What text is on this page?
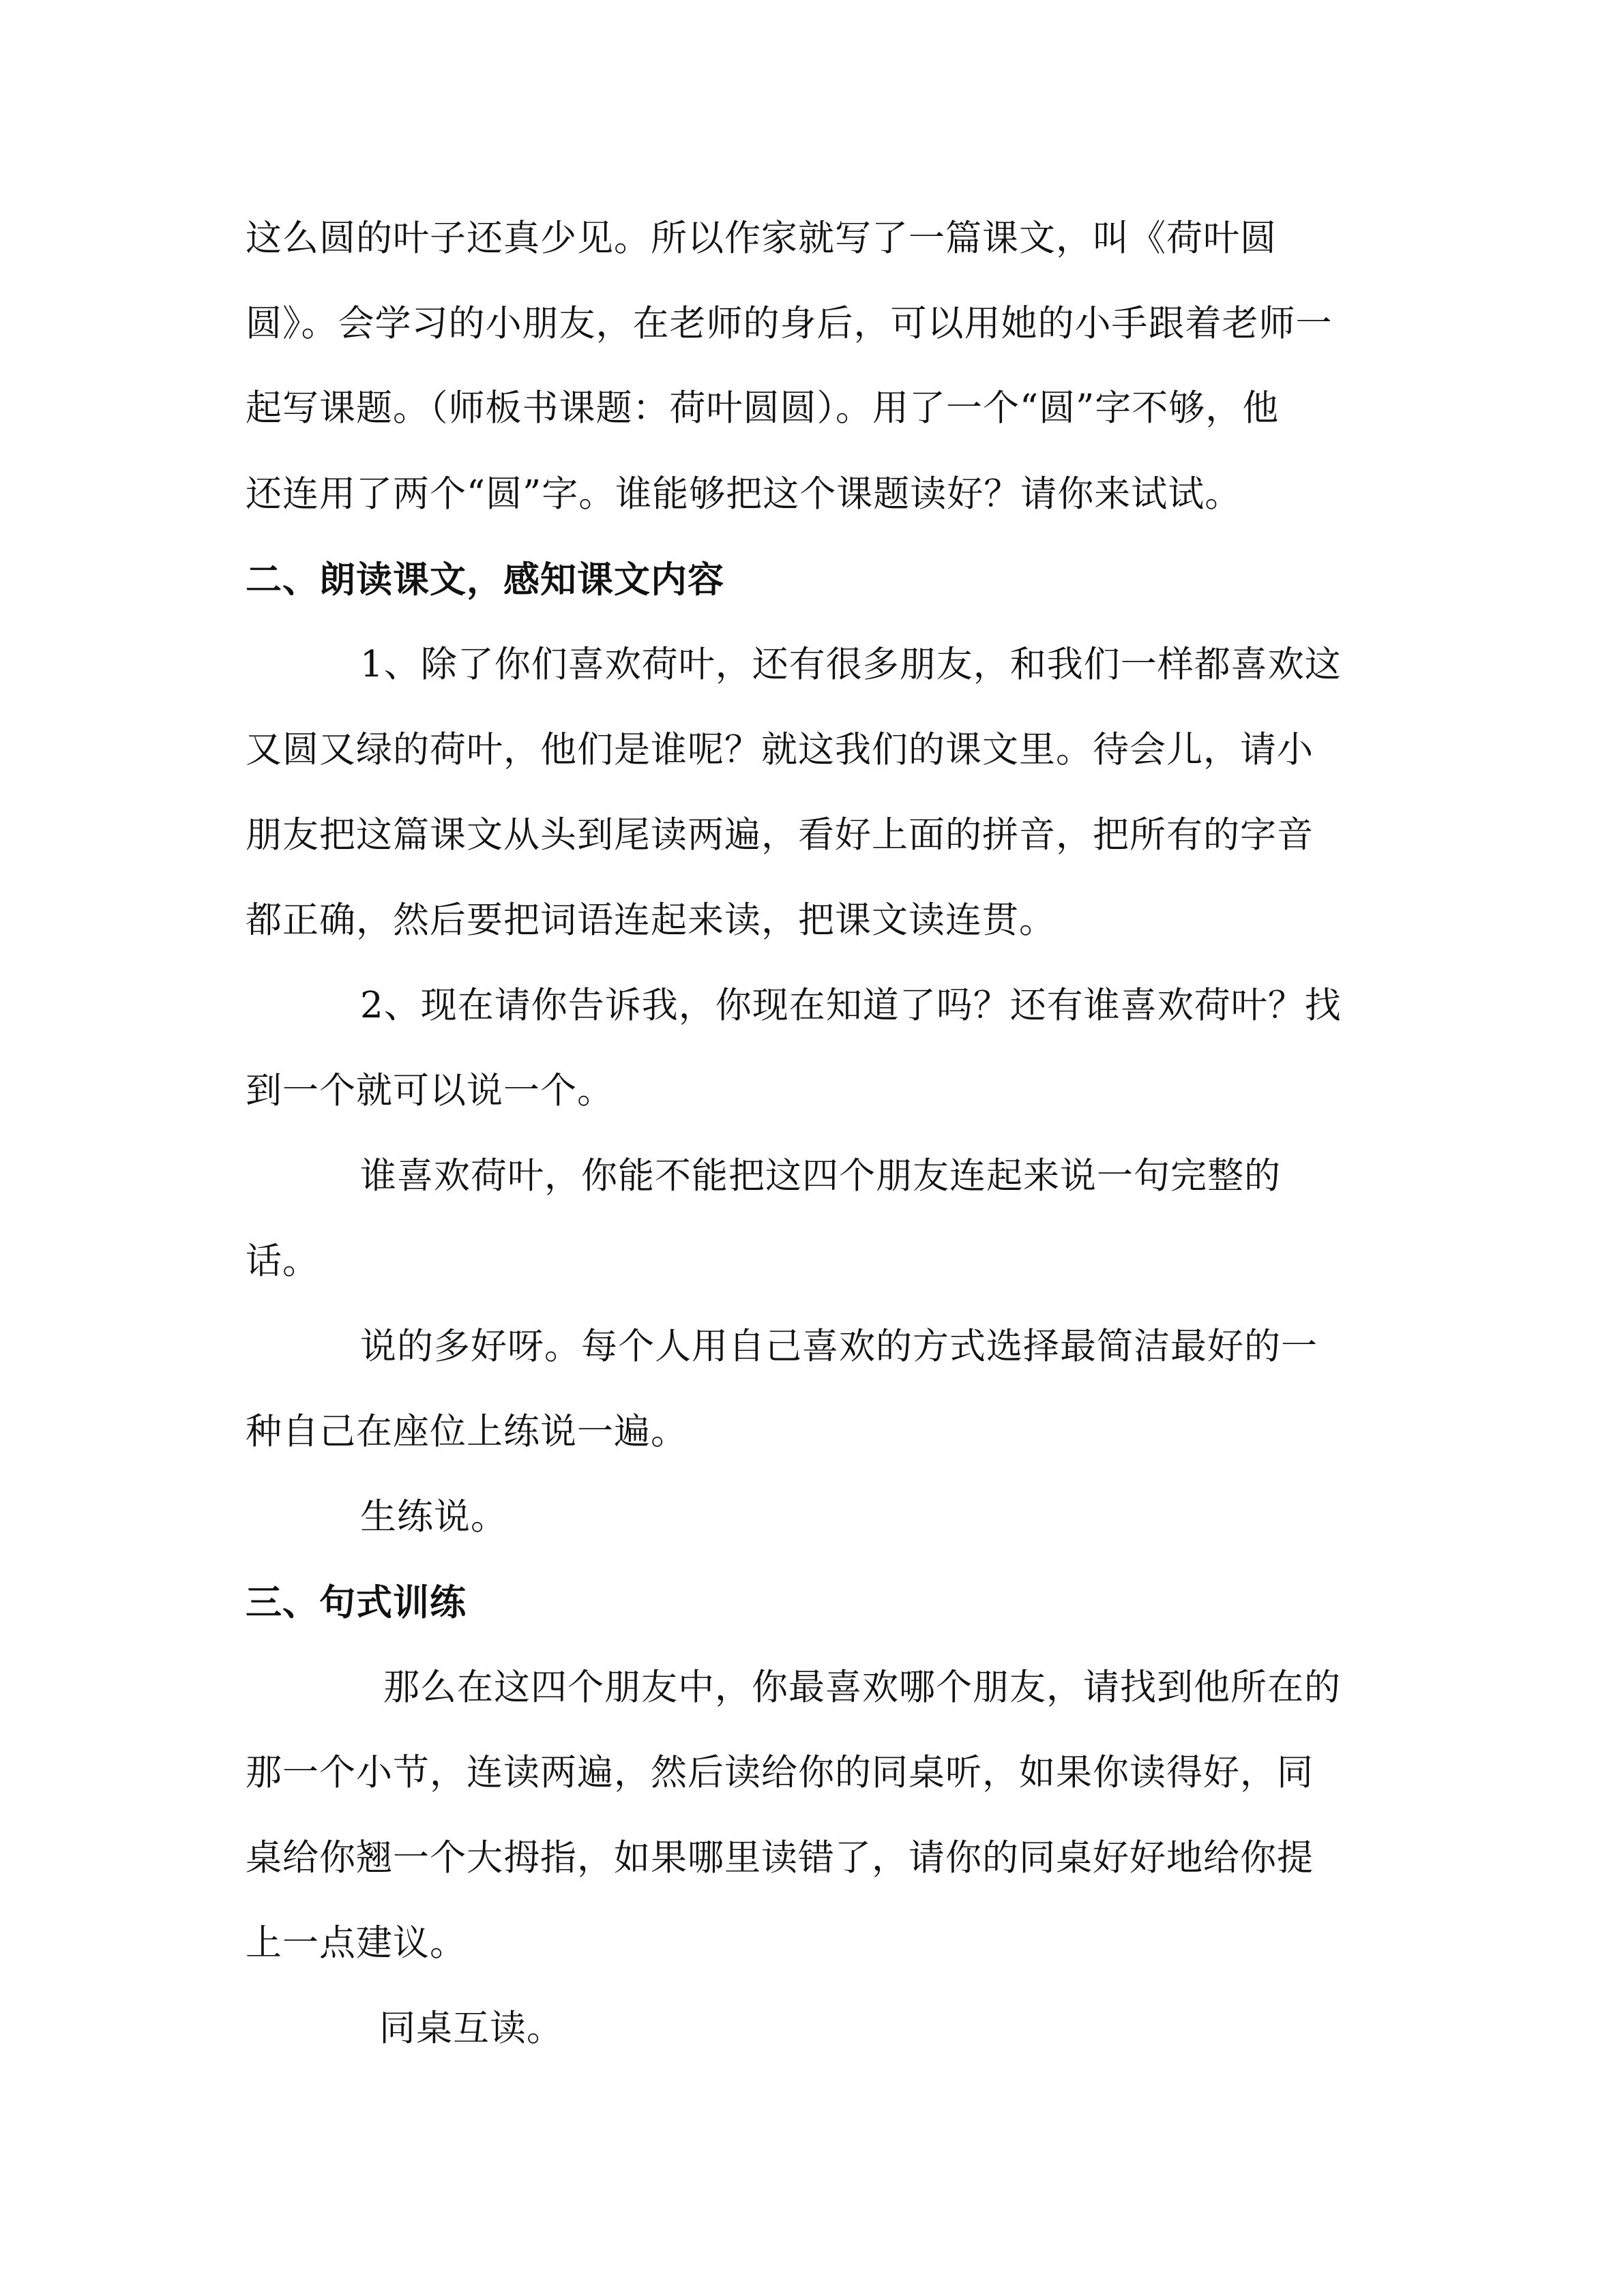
这么圆的叶子还真少见。所以作家就写了一篇课文，叫《荷叶圆
圆》。会学习的小朋友，在老师的身后，可以用她的小手跟着老师一
起写课题。（师板书课题：荷叶圆圆）。用了一个“圆”字不够，他
还连用了两个“圆”字。谁能够把这个课题读好？请你来试试。
二、朗读课文，感知课文内容
1、除了你们喜欢荷叶，还有很多朋友，和我们一样都喜欢这
又圆又绿的荷叶，他们是谁呢？就这我们的课文里。待会儿，请小
朋友把这篇课文从头到尾读两遍，看好上面的拼音，把所有的字音
都正确，然后要把词语连起来读，把课文读连贯。
2、现在请你告诉我，你现在知道了吗？还有谁喜欢荷叶？找
到一个就可以说一个。
谁喜欢荷叶，你能不能把这四个朋友连起来说一句完整的
话。
说的多好呀。每个人用自己喜欢的方式选择最简洁最好的一
种自己在座位上练说一遍。
生练说。
三、句式训练
那么在这四个朋友中，你最喜欢哪个朋友，请找到他所在的
那一个小节，连读两遍，然后读给你的同桌听，如果你读得好，同
桌给你翘一个大拇指，如果哪里读错了，请你的同桌好好地给你提
上一点建议。
同桌互读。
